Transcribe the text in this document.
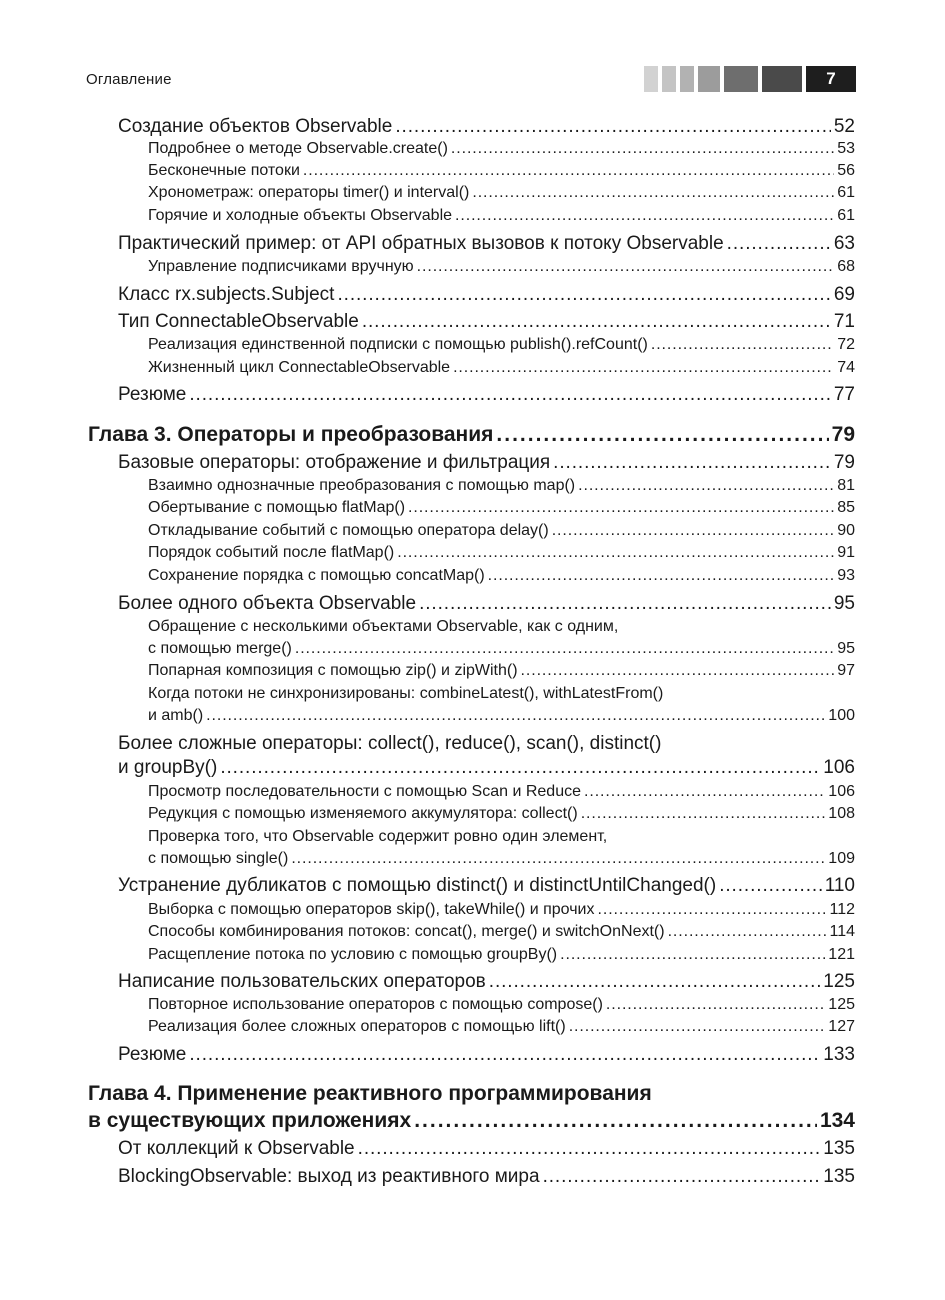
Оглавление	7
Создание объектов Observable .....	52
Подробнее о методе Observable.create() .....	53
Бесконечные потоки .....	56
Хронометраж: операторы timer() и interval() .....	61
Горячие и холодные объекты Observable .....	61
Практический пример: от API обратных вызовов к потоку Observable .....	63
Управление подписчиками вручную .....	68
Класс rx.subjects.Subject .....	69
Тип ConnectableObservable .....	71
Реализация единственной подписки с помощью publish().refCount() .....	72
Жизненный цикл ConnectableObservable .....	74
Резюме .....	77
Глава 3. Операторы и преобразования .....	79
Базовые операторы: отображение и фильтрация .....	79
Взаимно однозначные преобразования с помощью map() .....	81
Обертывание с помощью flatMap() .....	85
Откладывание событий с помощью оператора delay() .....	90
Порядок событий после flatMap() .....	91
Сохранение порядка с помощью concatMap() .....	93
Более одного объекта Observable .....	95
Обращение с несколькими объектами Observable, как с одним,
с помощью merge() .....	95
Попарная композиция с помощью zip() и zipWith() .....	97
Когда потоки не синхронизированы: combineLatest(), withLatestFrom()
и amb() .....	100
Более сложные операторы: collect(), reduce(), scan(), distinct()
и groupBy() .....	106
Просмотр последовательности с помощью Scan и Reduce .....	106
Редукция с помощью изменяемого аккумулятора: collect() .....	108
Проверка того, что Observable содержит ровно один элемент,
с помощью single() .....	109
Устранение дубликатов с помощью distinct() и distinctUntilChanged() .....	110
Выборка с помощью операторов skip(), takeWhile() и прочих .....	112
Способы комбинирования потоков: concat(), merge() и switchOnNext() .....	114
Расщепление потока по условию с помощью groupBy() .....	121
Написание пользовательских операторов .....	125
Повторное использование операторов с помощью compose() .....	125
Реализация более сложных операторов с помощью lift() .....	127
Резюме .....	133
Глава 4. Применение реактивного программирования
в существующих приложениях .....	134
От коллекций к Observable .....	135
BlockingObservable: выход из реактивного мира .....	135
